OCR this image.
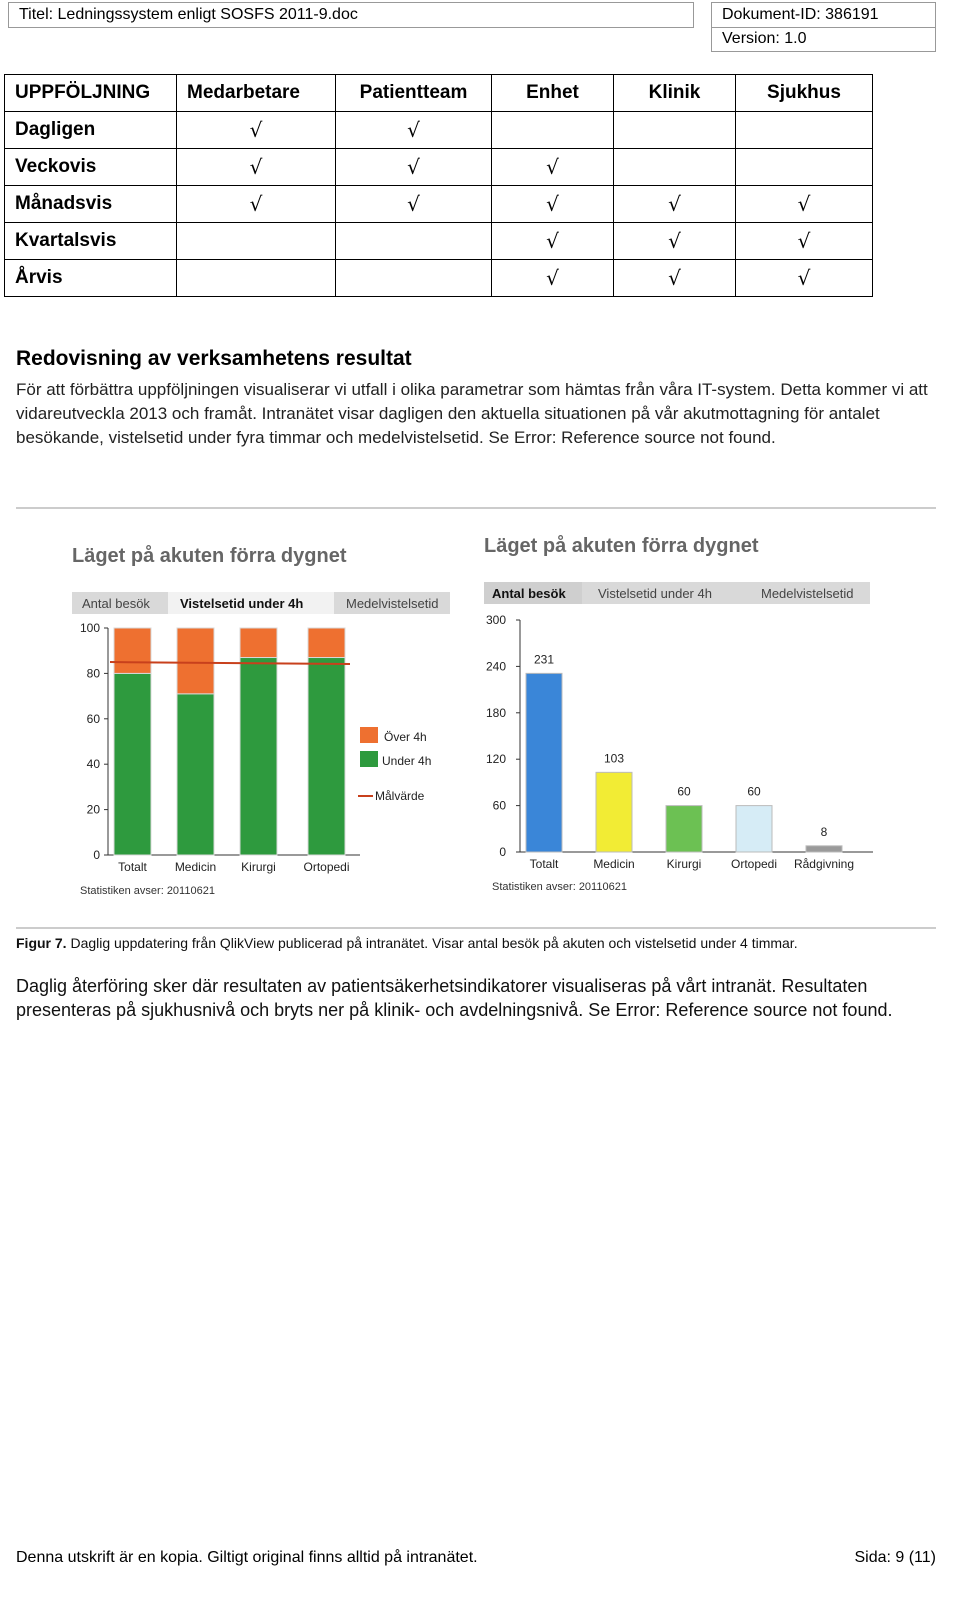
Titel: Ledningssystem enligt SOSFS 2011-9.doc	Dokument-ID: 386191
Version: 1.0
UPPFÖLJNING	Medarbetare	Patientteam	Enhet	Klinik	Sjukhus
Dagligen	√	√			
Veckovis	√	√	√		
Månadsvis	√	√	√	√	√
Kvartalsvis			√	√	√
Årvis			√	√	√
Redovisning av verksamhetens resultat
För att förbättra uppföljningen visualiserar vi utfall i olika parametrar som hämtas från våra IT-system. Detta kommer vi att vidareutveckla 2013 och framåt. Intranätet visar dagligen den aktuella situationen på vår akutmottagning för antalet besökande, vistelsetid under fyra timmar och medelvistelsetid. Se Error: Reference source not found.
Läget på akuten förra dygnet
Antal besök Vistelsetid under 4h	Medelvistelsetid
0
20
40
60
80
100
Totalt Medicin Kirurgi Ortopedi
Över 4h
Under 4h
Målvärde
Statistiken avser: 20110621
Läget på akuten förra dygnet
Antal besök Vistelsetid under 4h	Medelvistelsetid
0
60
120
180
240
300
231
Totalt
103
Medicin
60
Kirurgi
60
Ortopedi
8
Rådgivning
Statistiken avser: 20110621
Figur 7. Daglig uppdatering från QlikView publicerad på intranätet. Visar antal besök på akuten och vistelsetid under 4 timmar.
Daglig återföring sker där resultaten av patientsäkerhetsindikatorer visualiseras på vårt intranät. Resultaten presenteras på sjukhusnivå och bryts ner på klinik- och avdelningsnivå. Se Error: Reference source not found.
Denna utskrift är en kopia. Giltigt original finns alltid på intranätet.	Sida: 9 (11)
